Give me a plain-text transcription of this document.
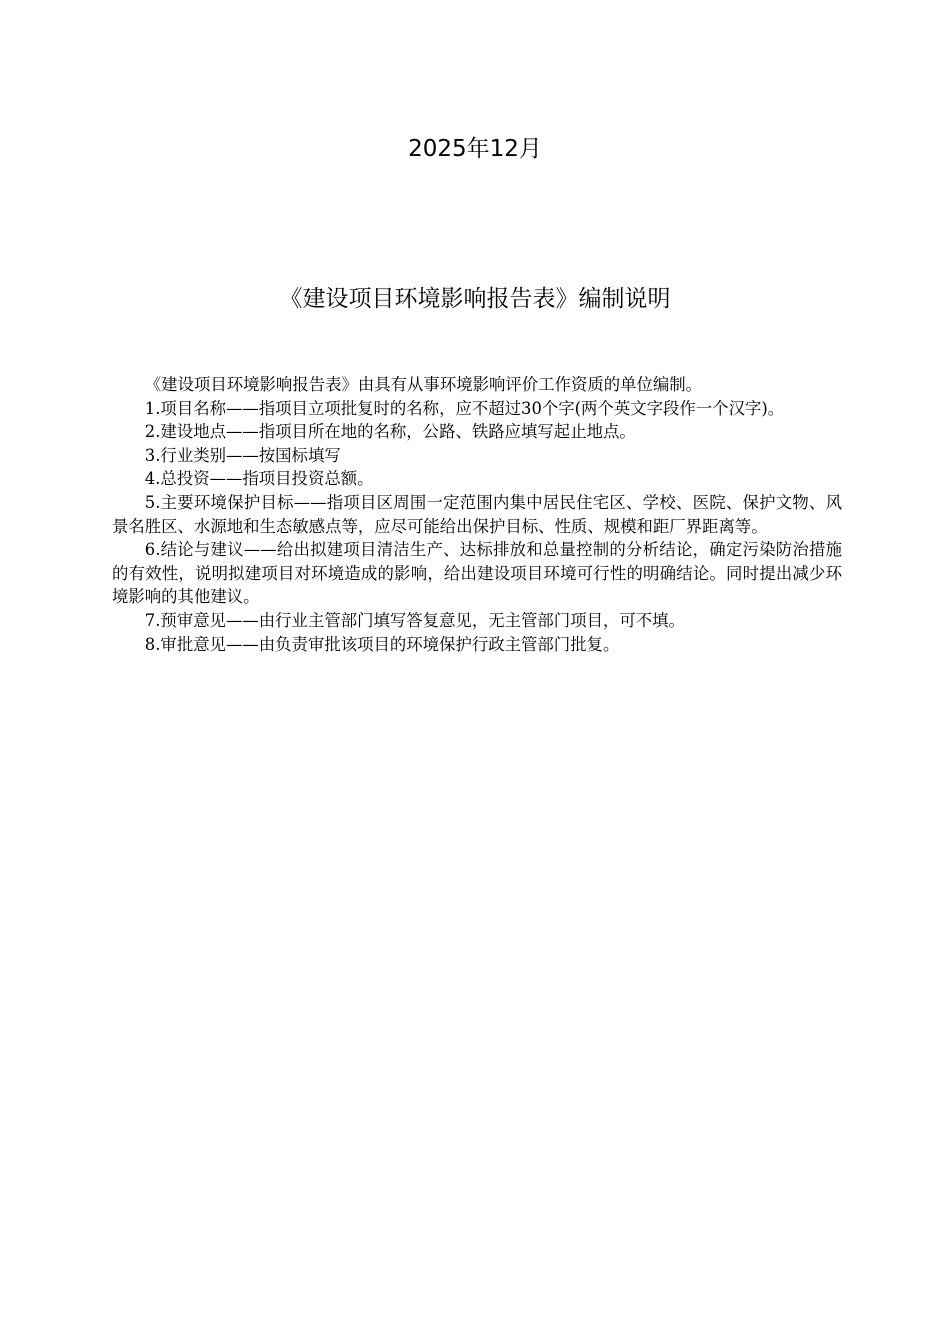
2025年12月
《建设项目环境影响报告表》编制说明

《建设项目环境影响报告表》由具有从事环境影响评价工作资质的单位编制。

1.项目名称——指项目立项批复时的名称，应不超过30个字(两个英文字段作一个汉字)。

2.建设地点——指项目所在地的名称，公路、铁路应填写起止地点。

3.行业类别——按国标填写

4.总投资——指项目投资总额。

5.主要环境保护目标——指项目区周围一定范围内集中居民住宅区、学校、医院、保护文物、风景名胜区、水源地和生态敏感点等，应尽可能给出保护目标、性质、规模和距厂界距离等。

6.结论与建议——给出拟建项目清洁生产、达标排放和总量控制的分析结论，确定污染防治措施的有效性，说明拟建项目对环境造成的影响，给出建设项目环境可行性的明确结论。同时提出减少环境影响的其他建议。

7.预审意见——由行业主管部门填写答复意见，无主管部门项目，可不填。

8.审批意见——由负责审批该项目的环境保护行政主管部门批复。
